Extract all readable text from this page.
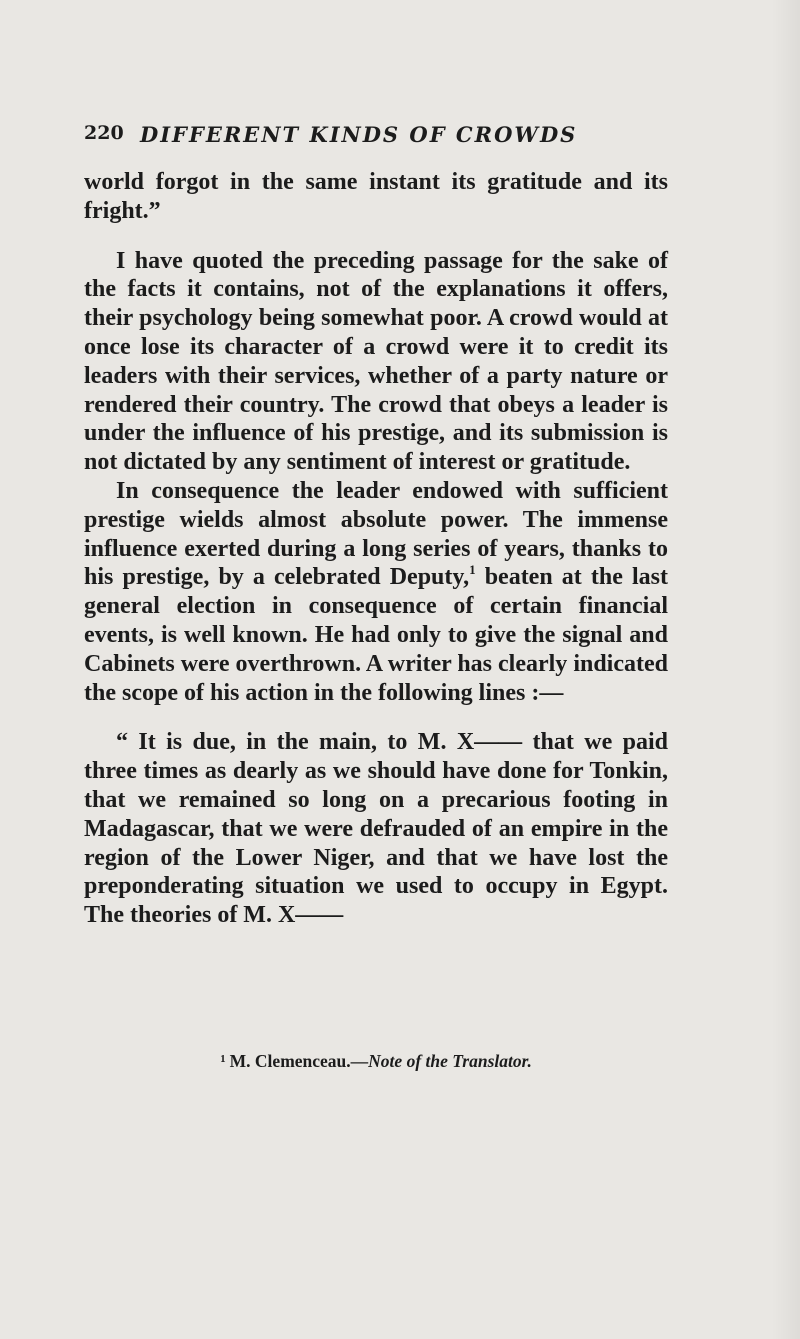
220 DIFFERENT KINDS OF CROWDS

world forgot in the same instant its gratitude and its fright.”

I have quoted the preceding passage for the sake of the facts it contains, not of the explanations it offers, their psychology being somewhat poor. A crowd would at once lose its character of a crowd were it to credit its leaders with their services, whether of a party nature or rendered their country. The crowd that obeys a leader is under the influence of his prestige, and its submission is not dictated by any sentiment of interest or gratitude.

In consequence the leader endowed with sufficient prestige wields almost absolute power. The immense influence exerted during a long series of years, thanks to his prestige, by a celebrated Deputy,$^1$ beaten at the last general election in consequence of certain financial events, is well known. He had only to give the signal and Cabinets were overthrown. A writer has clearly indicated the scope of his action in the following lines :—

“ It is due, in the main, to M. X—— that we paid three times as dearly as we should have done for Tonkin, that we remained so long on a precarious footing in Madagascar, that we were defrauded of an empire in the region of the Lower Niger, and that we have lost the preponderating situation we used to occupy in Egypt. The theories of M. X——

$^1$ M. Clemenceau.—Note of the Translator.
